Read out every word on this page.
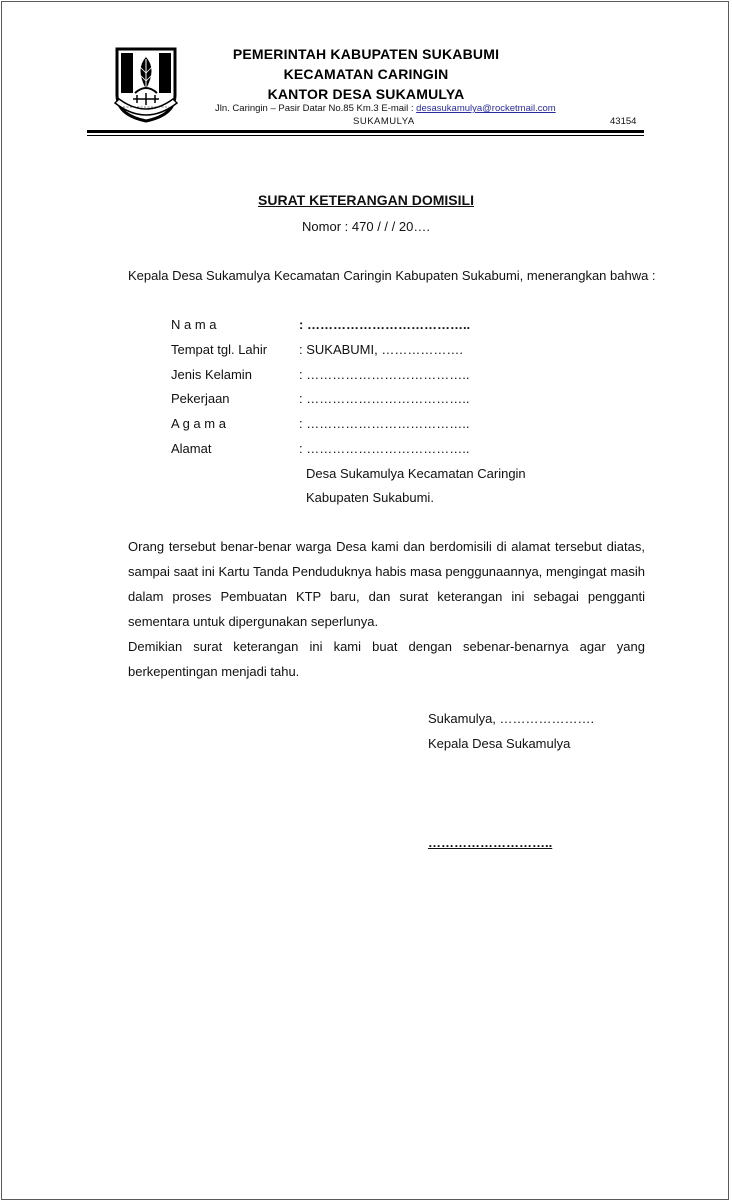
PEMERINTAH KABUPATEN SUKABUMI
KECAMATAN CARINGIN
KANTOR DESA SUKAMULYA
Jln. Caringin – Pasir Datar No.85 Km.3 E-mail : desasukamulya@rocketmail.com
SUKAMULYA	43154
SURAT KETERANGAN DOMISILI
Nomor : 470 / / / 20….
Kepala Desa Sukamulya Kecamatan Caringin Kabupaten Sukabumi, menerangkan bahwa :
N a m a	: ………………………………..
Tempat tgl. Lahir : SUKABUMI, ……………….
Jenis Kelamin	: ………………………………..
Pekerjaan	: ………………………………..
A g a m a	: ………………………………..
Alamat	: ………………………………..
Desa Sukamulya Kecamatan Caringin
Kabupaten Sukabumi.

Orang tersebut benar-benar warga Desa kami dan berdomisili di alamat tersebut diatas, sampai saat ini Kartu Tanda Penduduknya habis masa penggunaannya, mengingat masih dalam proses Pembuatan KTP baru, dan surat keterangan ini sebagai pengganti sementara untuk dipergunakan seperlunya.

Demikian surat keterangan ini kami buat dengan sebenar-benarnya agar yang berkepentingan menjadi tahu.

Sukamulya, ………………….
Kepala Desa Sukamulya
………………………..
